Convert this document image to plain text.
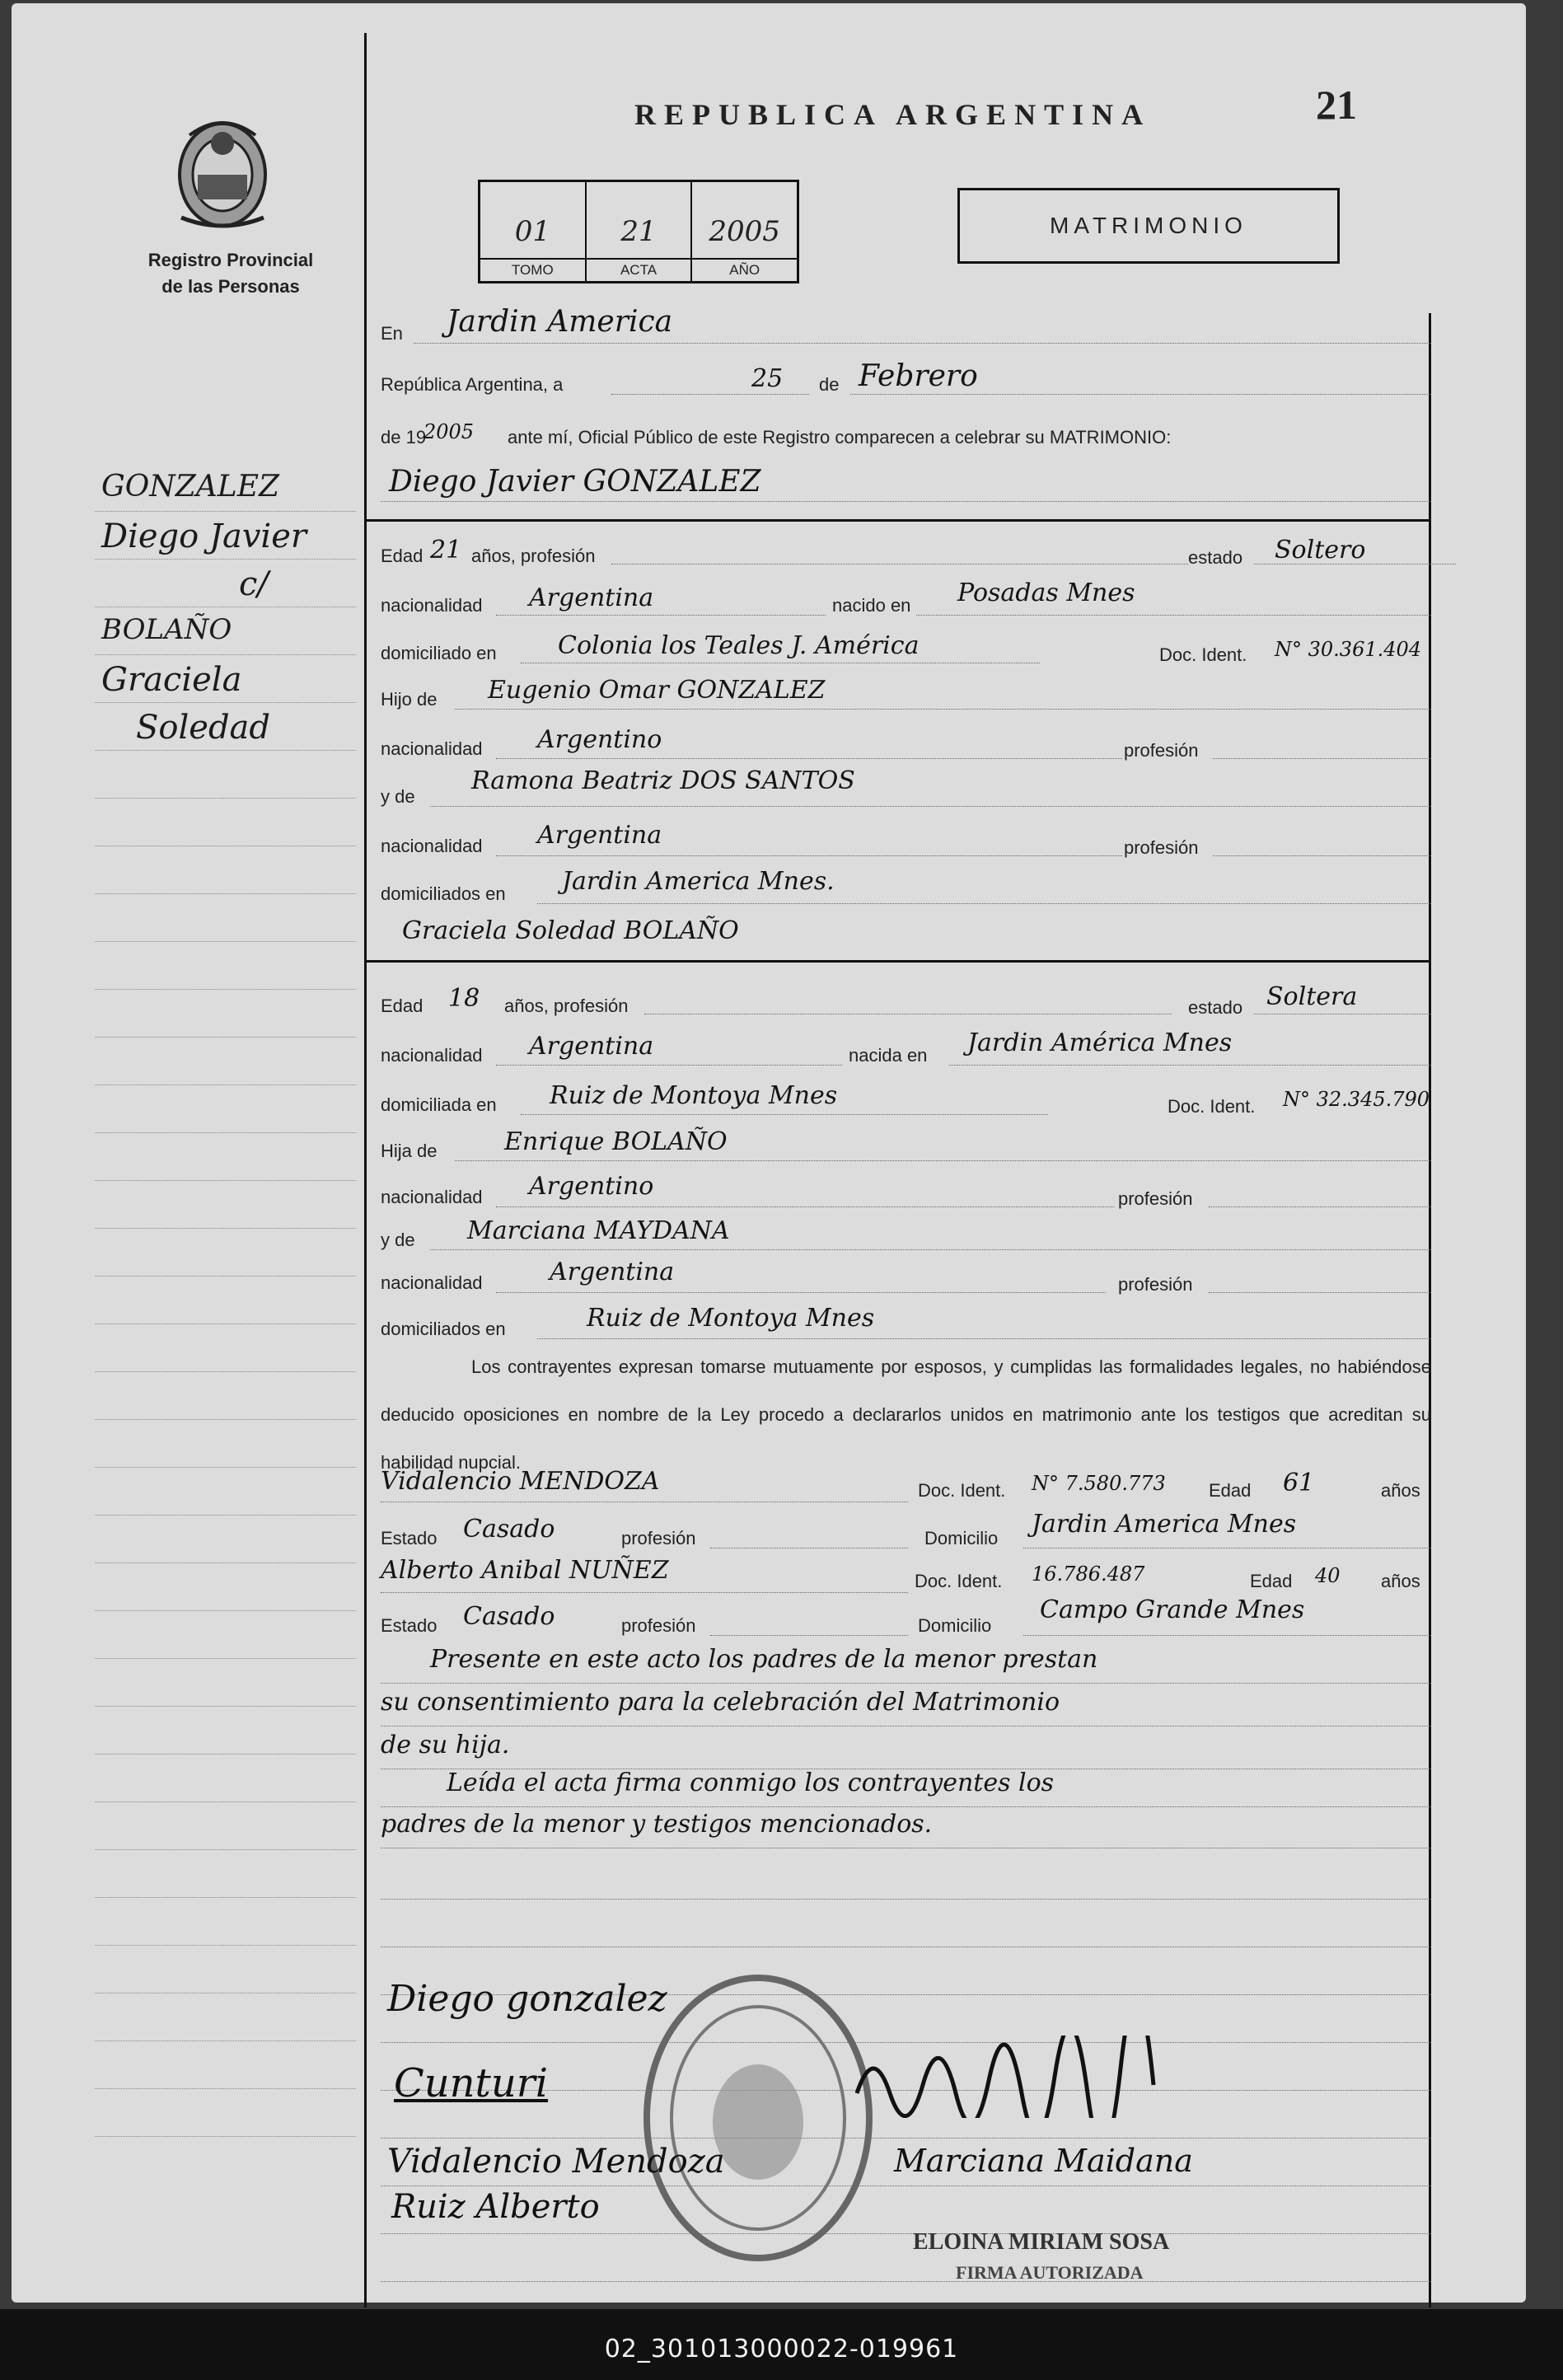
Registro Provincial
de las Personas
REPUBLICA ARGENTINA	21
01
TOMO
21
ACTA
2005
AÑO
MATRIMONIO
GONZALEZ
Diego Javier
c/
BOLAÑO
Graciela
Soledad
En Jardin America
República Argentina, a	25 de Febrero
de 19
2005 ante mí, Oficial Público de este Registro comparecen a celebrar su MATRIMONIO:
Diego Javier GONZALEZ
Edad 21 años, profesión	estado Soltero
nacionalidad Argentina	nacido en Posadas Mnes
domiciliado en Colonia los Teales J. América	Doc. Ident. N° 30.361.404
Hijo de Eugenio Omar GONZALEZ
nacionalidad Argentino	profesión
y de
Ramona Beatriz DOS SANTOS
nacionalidad Argentina	profesión
domiciliados en Jardin America Mnes.
Graciela Soledad BOLAÑO
Edad 18 años, profesión	estado Soltera
nacionalidad Argentina	nacida en Jardin América Mnes
domiciliada en Ruiz de Montoya Mnes	Doc. Ident. N° 32.345.790
Hija de	Enrique BOLAÑO
nacionalidad Argentino	profesión
y de Marciana MAYDANA
nacionalidad	Argentina	profesión
domiciliados en	Ruiz de Montoya Mnes
Los contrayentes expresan tomarse mutuamente por esposos, y cumplidas las formalidades legales, no habiéndose deducido oposiciones en nombre de la Ley procedo a declararlos unidos en matrimonio ante los testigos que acreditan su habilidad nupcial.
Vidalencio MENDOZA	Doc. Ident. N° 7.580.773 Edad 61	años
Estado Casado	profesión	Domicilio Jardin America Mnes
Alberto Anibal NUÑEZ	Doc. Ident. 16.786.487	Edad 40 años
Estado Casado	profesión	Domicilio
Campo Grande Mnes
Presente en este acto los padres de la menor prestan
su consentimiento para la celebración del Matrimonio
de su hija.
Leída el acta firma conmigo los contrayentes los
padres de la menor y testigos mencionados.
Diego gonzalez
Cunturi
Vidalencio Mendoza
Ruiz Alberto
Marciana Maidana
ELOINA MIRIAM SOSA
FIRMA AUTORIZADA
02_301013000022-019961
